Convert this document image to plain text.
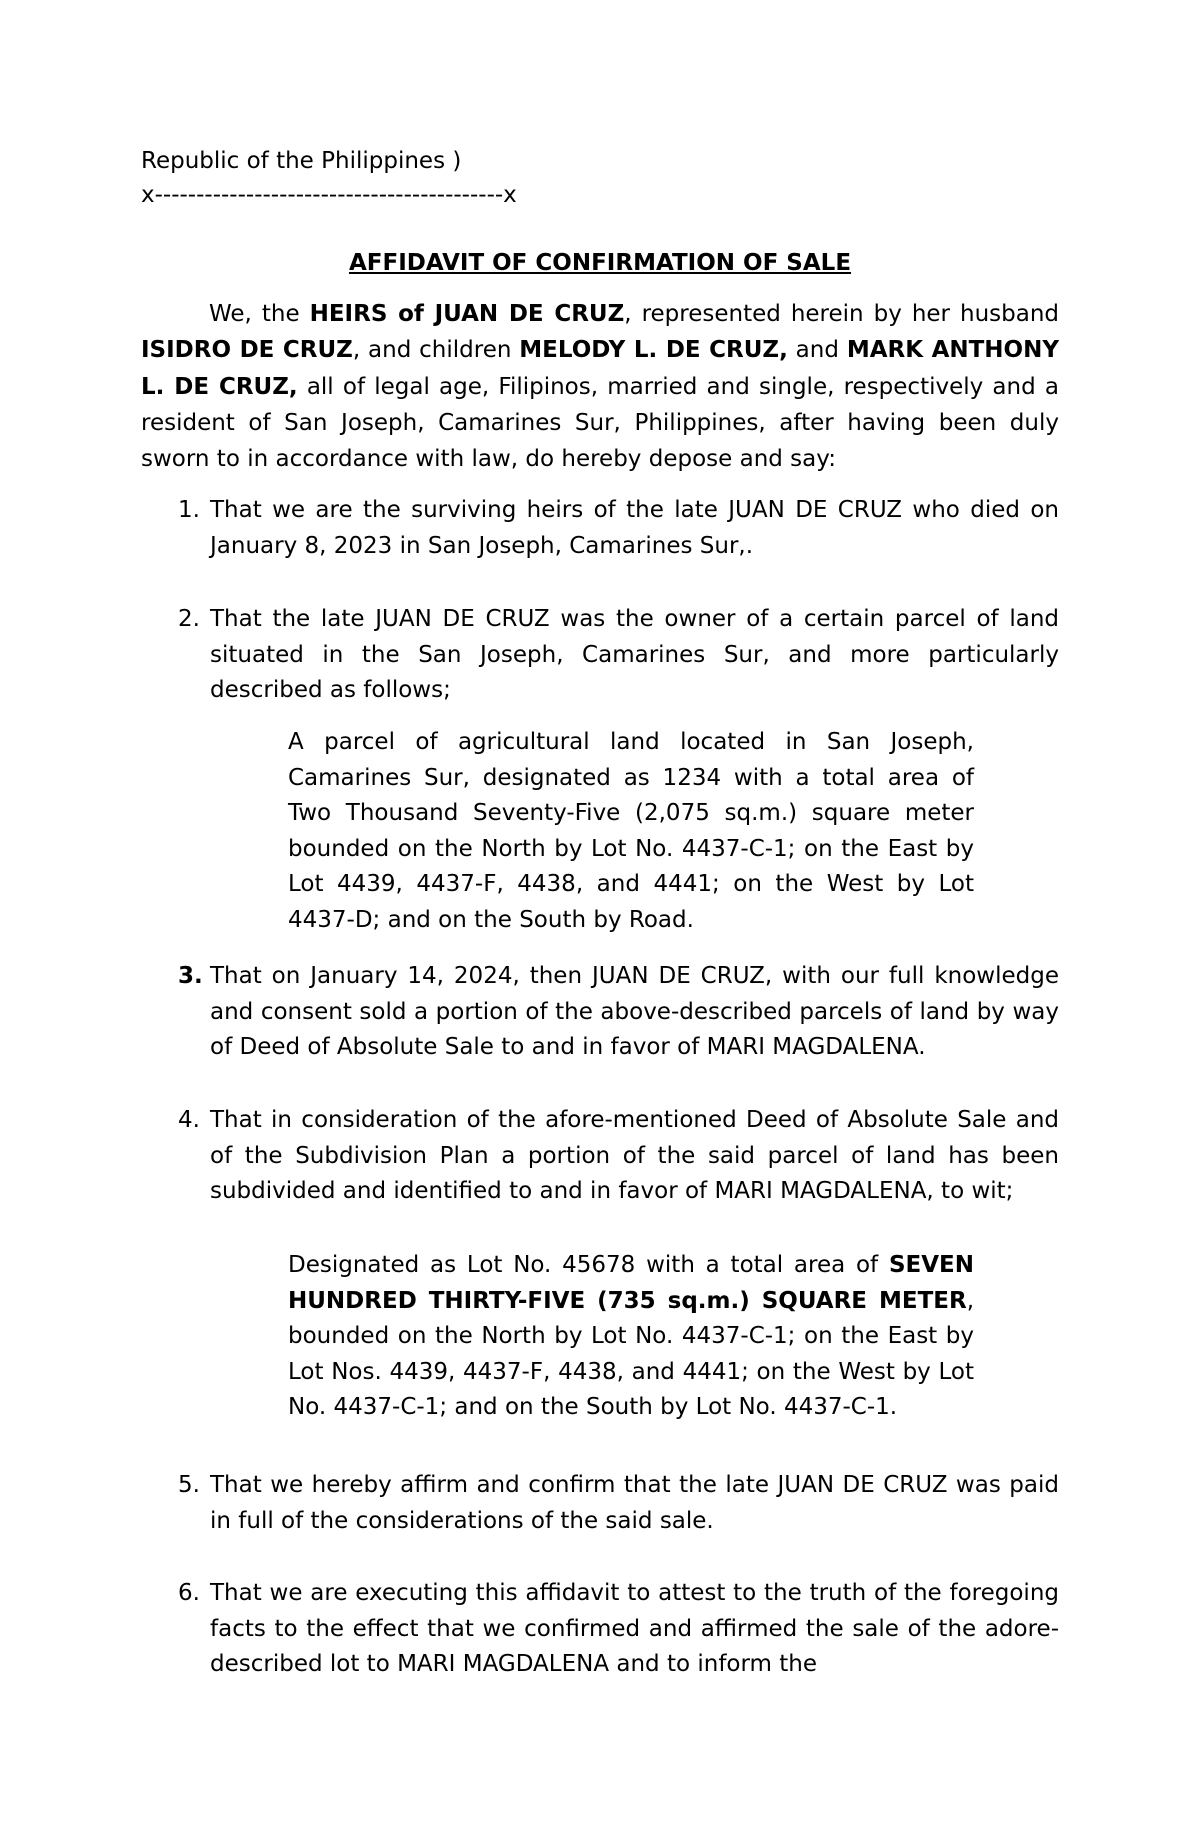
Republic of the Philippines )
x------------------------------------------x
AFFIDAVIT OF CONFIRMATION OF SALE

We, the HEIRS of JUAN DE CRUZ, represented herein by her husband ISIDRO DE CRUZ, and children MELODY L. DE CRUZ, and MARK ANTHONY L. DE CRUZ, all of legal age, Filipinos, married and single, respectively and a resident of San Joseph, Camarines Sur, Philippines, after having been duly sworn to in accordance with law, do hereby depose and say:

1. That we are the surviving heirs of the late JUAN DE CRUZ who died on January 8, 2023 in San Joseph, Camarines Sur,.
2. That the late JUAN DE CRUZ was the owner of a certain parcel of land situated in the San Joseph, Camarines Sur, and more particularly described as follows;

A parcel of agricultural land located in San Joseph, Camarines Sur, designated as 1234 with a total area of Two Thousand Seventy-Five (2,075 sq.m.) square meter bounded on the North by Lot No. 4437-C-1; on the East by Lot 4439, 4437-F, 4438, and 4441; on the West by Lot 4437-D; and on the South by Road.

3. That on January 14, 2024, then JUAN DE CRUZ, with our full knowledge and consent sold a portion of the above-described parcels of land by way of Deed of Absolute Sale to and in favor of MARI MAGDALENA.
4. That in consideration of the afore-mentioned Deed of Absolute Sale and of the Subdivision Plan a portion of the said parcel of land has been subdivided and identified to and in favor of MARI MAGDALENA, to wit;

Designated as Lot No. 45678 with a total area of SEVEN HUNDRED THIRTY-FIVE (735 sq.m.) SQUARE METER, bounded on the North by Lot No. 4437-C-1; on the East by Lot Nos. 4439, 4437-F, 4438, and 4441; on the West by Lot No. 4437-C-1; and on the South by Lot No. 4437-C-1.

5. That we hereby affirm and confirm that the late JUAN DE CRUZ was paid in full of the considerations of the said sale.
6. That we are executing this affidavit to attest to the truth of the foregoing facts to the effect that we confirmed and affirmed the sale of the adore-described lot to MARI MAGDALENA and to inform the
